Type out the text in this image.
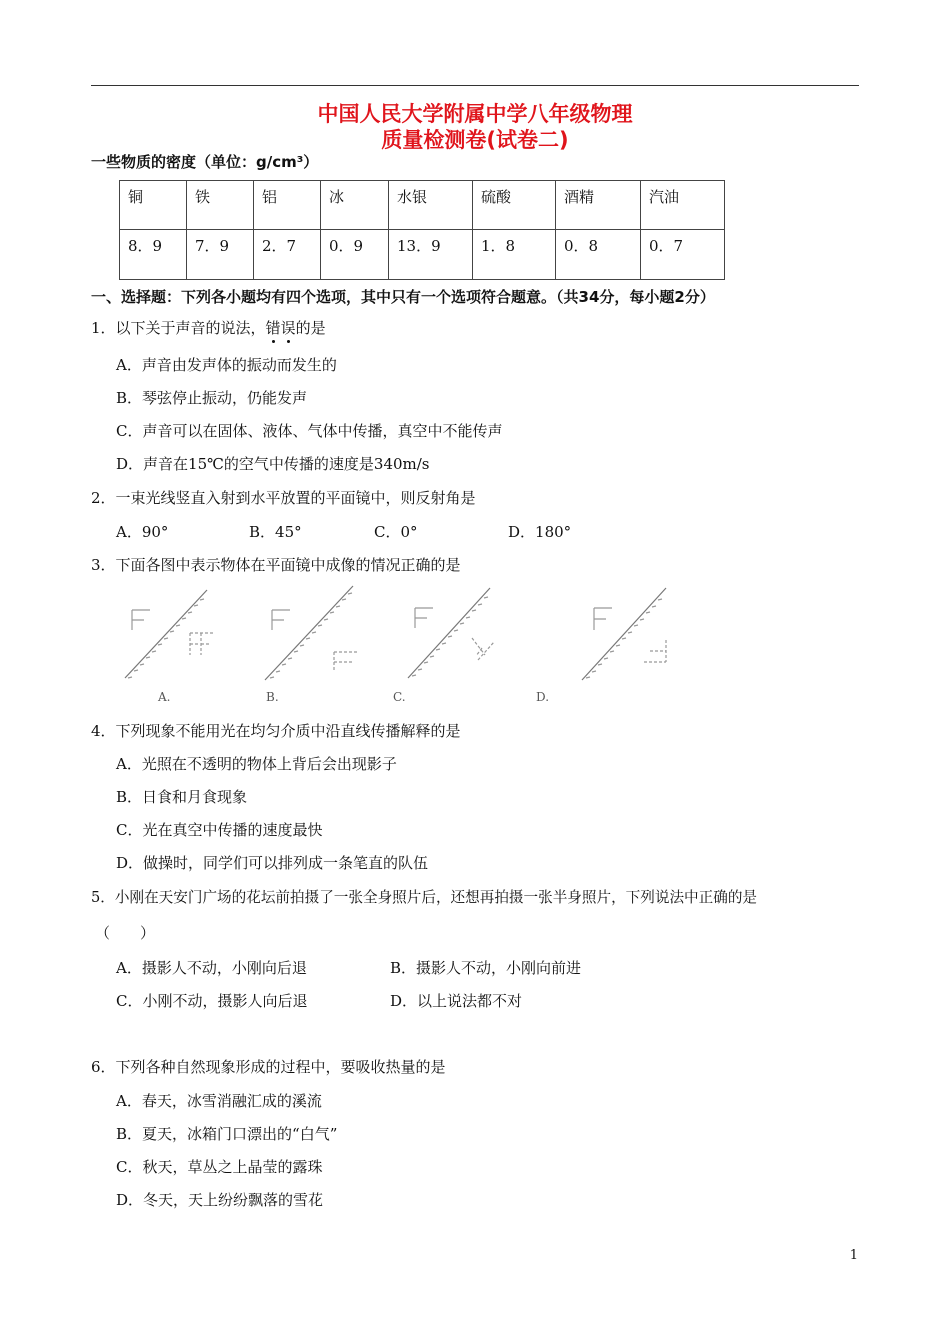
中国人民大学附属中学八年级物理
质量检测卷(试卷二)
一些物质的密度（单位：g/cm³）
铜	铁	铝	冰	水银	硫酸	酒精	汽油
8．9	7．9	2．7	0．9	13．9	1．8	0．8	0．7
一、选择题：下列各小题均有四个选项，其中只有一个选项符合题意。（共34分，每小题2分）
1．以下关于声音的说法，错
误
的是
A．声音由发声体的振动而发生的
B．琴弦停止振动，仍能发声
C．声音可以在固体、液体、气体中传播，真空中不能传声
D．声音在15℃的空气中传播的速度是340m/s
2．一束光线竖直入射到水平放置的平面镜中，则反射角是
A．90°	B．45°	C．0°	D．180°
3．下面各图中表示物体在平面镜中成像的情况正确的是
A.	B.	C.	D.
4．下列现象不能用光在均匀介质中沿直线传播解释的是
A．光照在不透明的物体上背后会出现影子
B．日食和月食现象
C．光在真空中传播的速度最快
D．做操时，同学们可以排列成一条笔直的队伍
5．小刚在天安门广场的花坛前拍摄了一张全身照片后，还想再拍摄一张半身照片，下列说法中正确的是
（　　）
A．摄影人不动，小刚向后退	B．摄影人不动，小刚向前进
C．小刚不动，摄影人向后退	D．以上说法都不对
6．下列各种自然现象形成的过程中，要吸收热量的是
A．春天，冰雪消融汇成的溪流
B．夏天，冰箱门口漂出的“白气”
C．秋天，草丛之上晶莹的露珠
D．冬天，天上纷纷飘落的雪花
1
